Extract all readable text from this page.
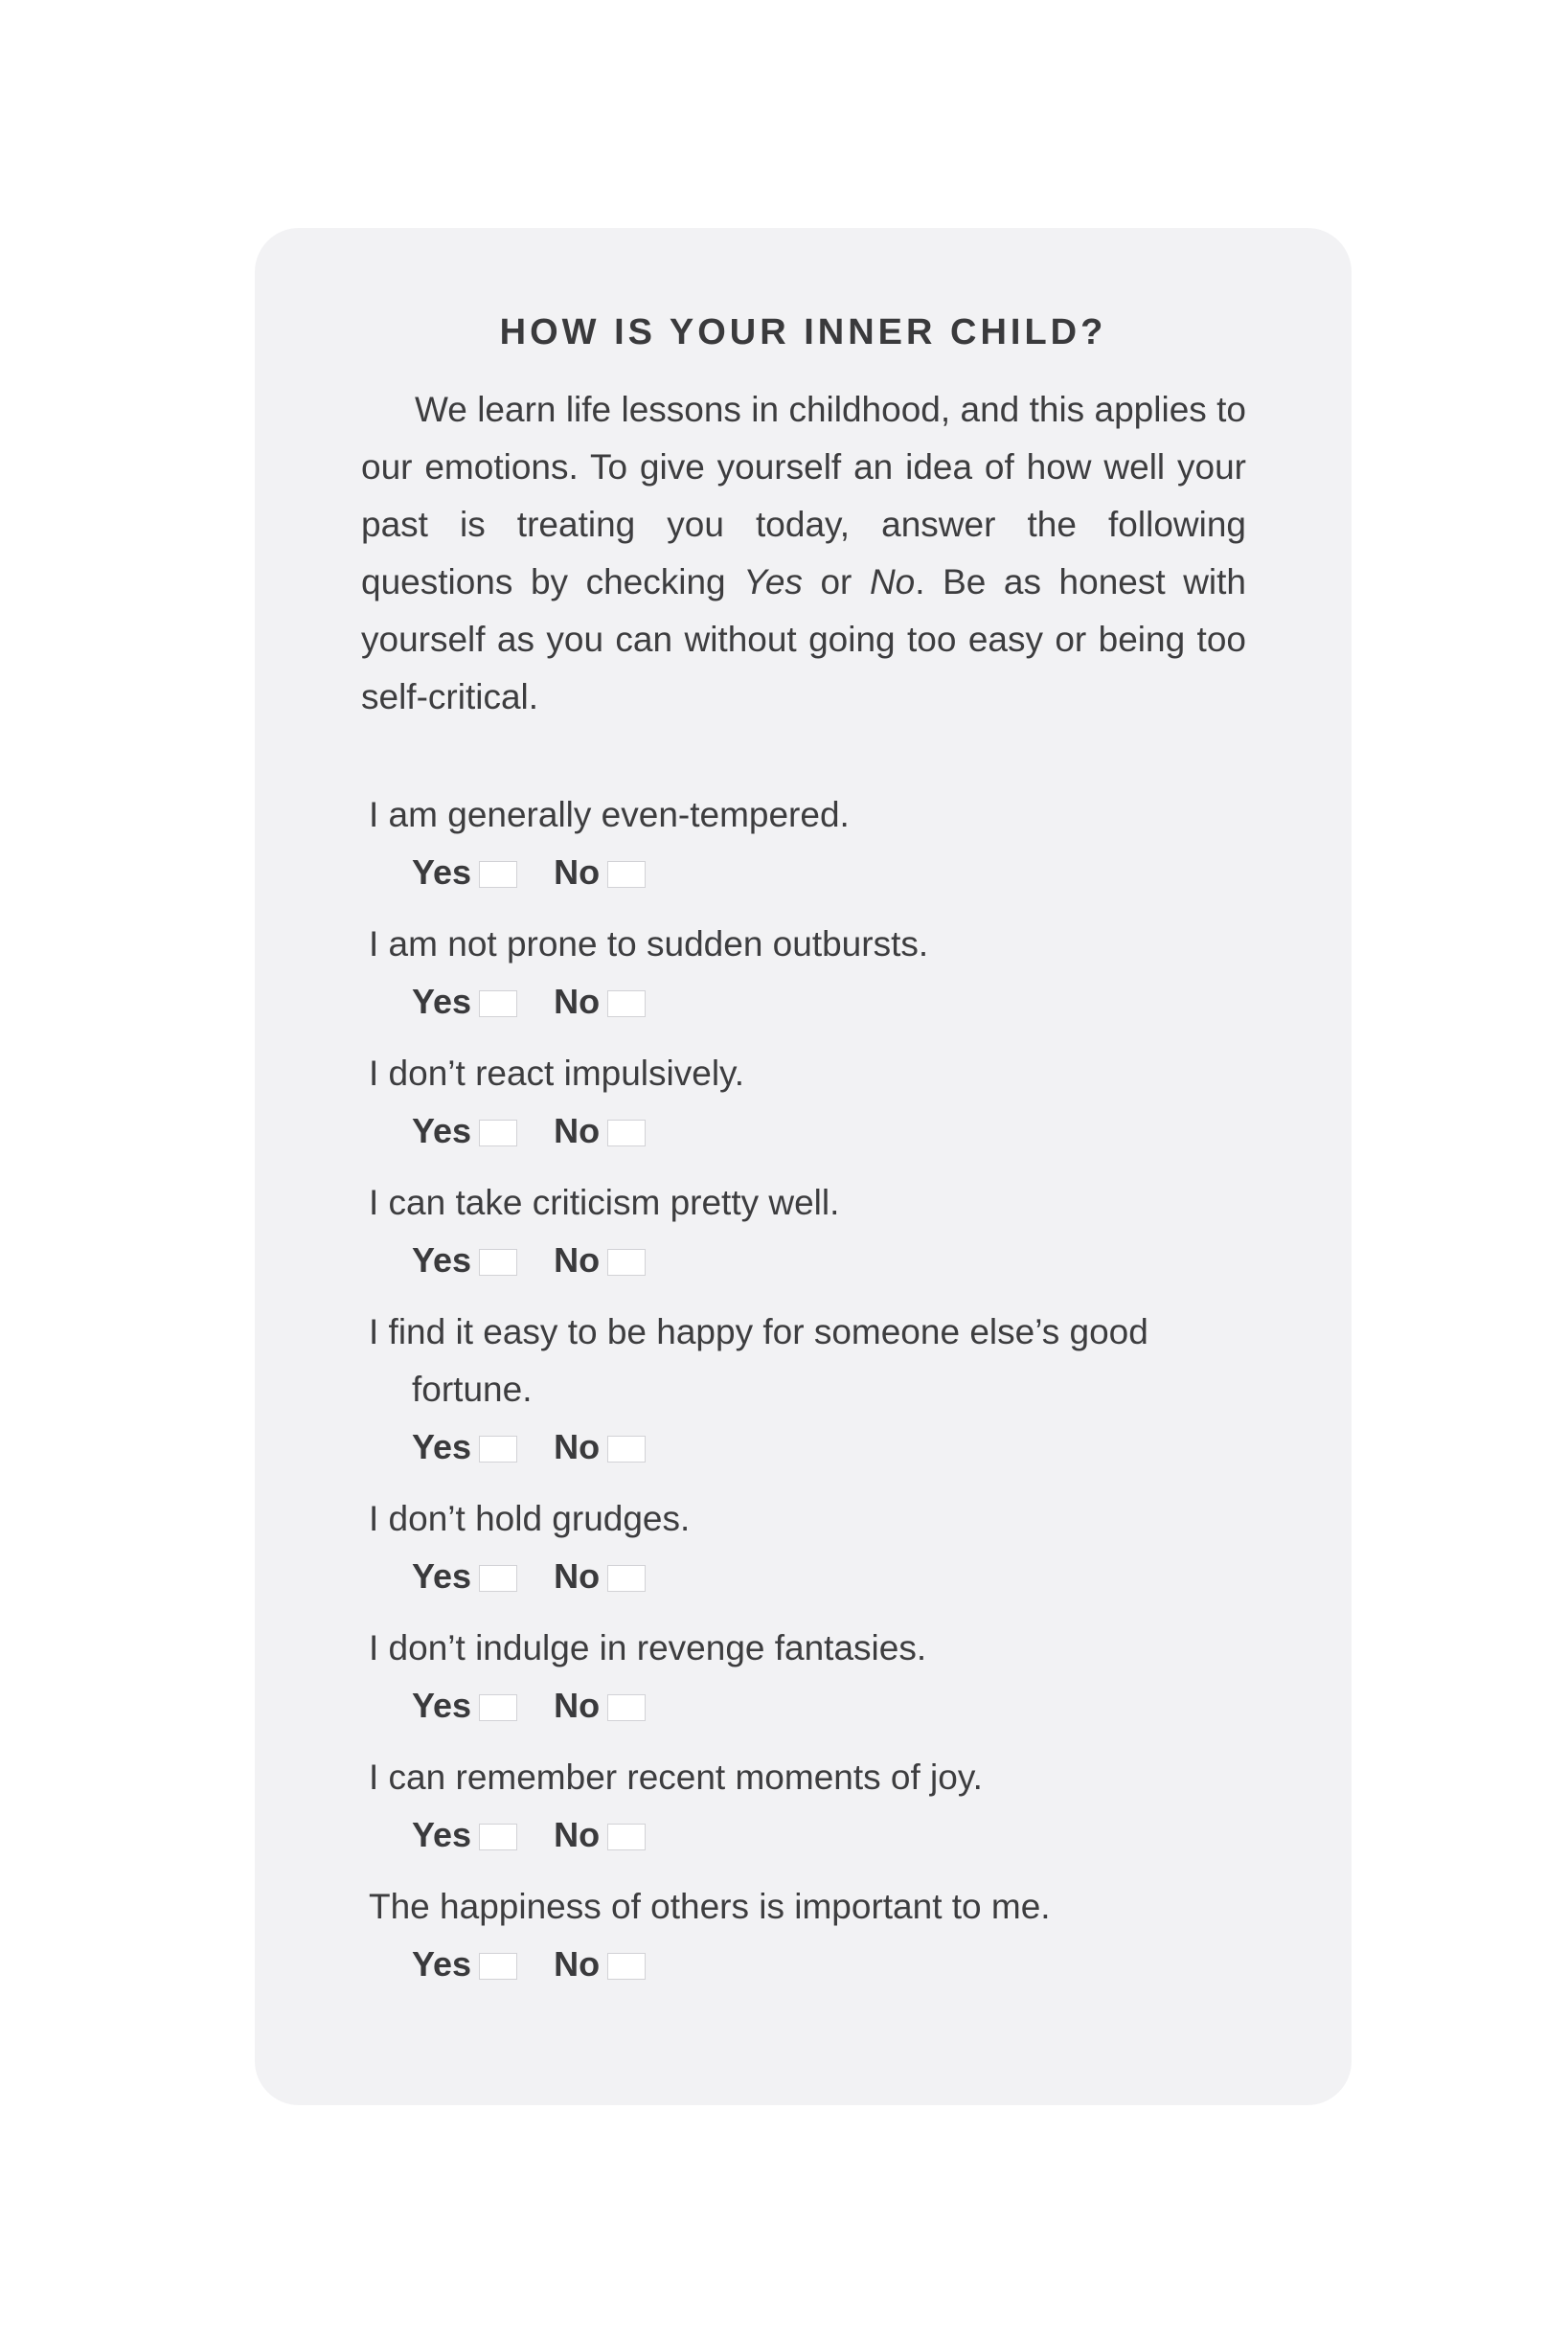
HOW IS YOUR INNER CHILD?

We learn life lessons in childhood, and this applies to our emotions. To give yourself an idea of how well your past is treating you today, answer the following questions by checking Yes or No. Be as honest with yourself as you can without going too easy or being too self-critical.

I am generally even-tempered.
Yes No
I am not prone to sudden outbursts.
Yes No
I don’t react impulsively.
Yes No
I can take criticism pretty well.
Yes No
I find it easy to be happy for someone else’s good fortune.
Yes No
I don’t hold grudges.
Yes No
I don’t indulge in revenge fantasies.
Yes No
I can remember recent moments of joy.
Yes No
The happiness of others is important to me.
Yes No
